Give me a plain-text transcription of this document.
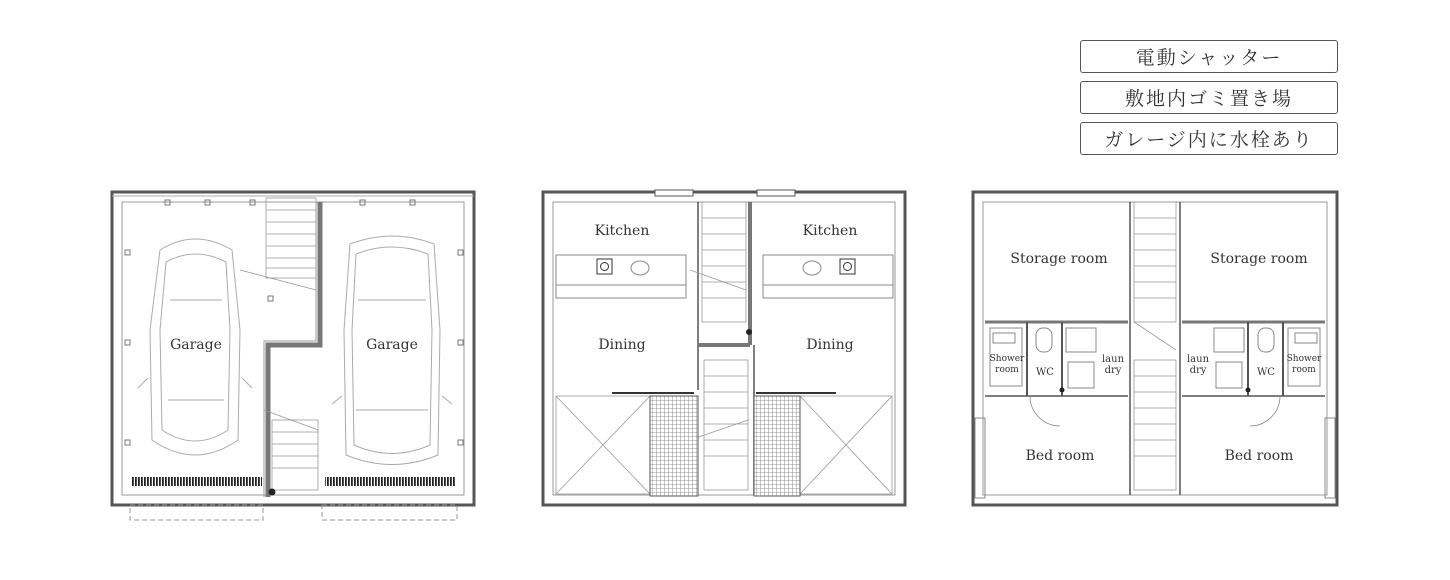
電動シャッター
敷地内ゴミ置き場
ガレージ内に水栓あり
Garage	Garage
Kitchen	Kitchen
Dining	Dining
Storage room	Storage room
Shower
room WC
laun
dry
laun
dry	WC
Shower
room
Bed room	Bed room
